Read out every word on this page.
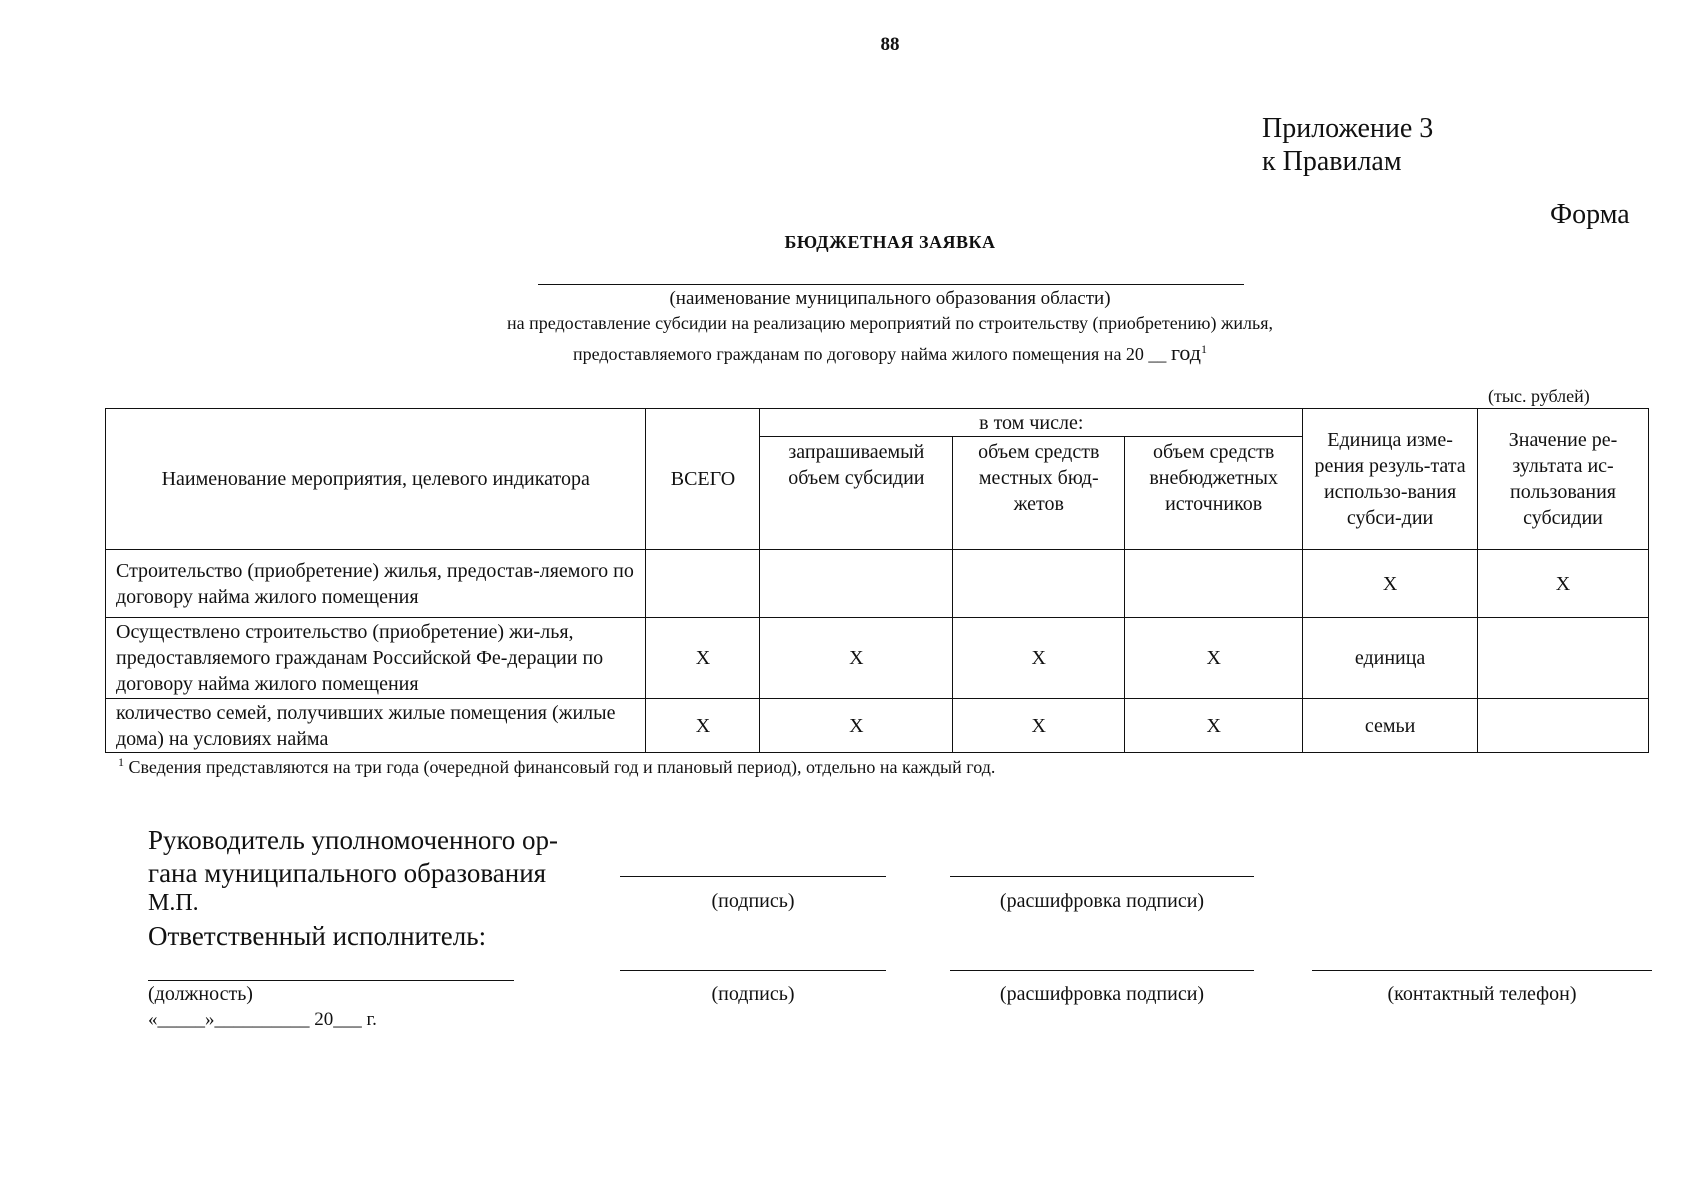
88
Приложение 3
к Правилам
Форма
БЮДЖЕТНАЯ ЗАЯВКА
(наименование муниципального образования области)
на предоставление субсидии на реализацию мероприятий по строительству (приобретению) жилья,
предоставляемого гражданам по договору найма жилого помещения на 20 __ год$^1$
(тыс. рублей)
Наименование мероприятия, целевого индикатора	ВСЕГО	в том числе:			Единица изме-рения резуль-тата использо-вания субси-дии	Значение ре-зультата ис-пользования субсидии
		запрашиваемый объем субсидии	объем средств местных бюд-жетов	объем средств внебюджетных источников		
Строительство (приобретение) жилья, предостав-ляемого по договору найма жилого помещения					Х	Х
Осуществлено строительство (приобретение) жи-лья, предоставляемого гражданам Российской Фе-дерации по договору найма жилого помещения	Х	Х	Х	Х	единица	
количество семей, получивших жилые помещения (жилые дома) на условиях найма	Х	Х	Х	Х	семьи	
$^1$ Сведения представляются на три года (очередной финансовый год и плановый период), отдельно на каждый год.
Руководитель уполномоченного ор-
гана муниципального образования
М.П.
Ответственный исполнитель:
(подпись)	(расшифровка подписи)
(должность)
«_____»__________ 20___ г.
(подпись)	(расшифровка подписи)	(контактный телефон)
